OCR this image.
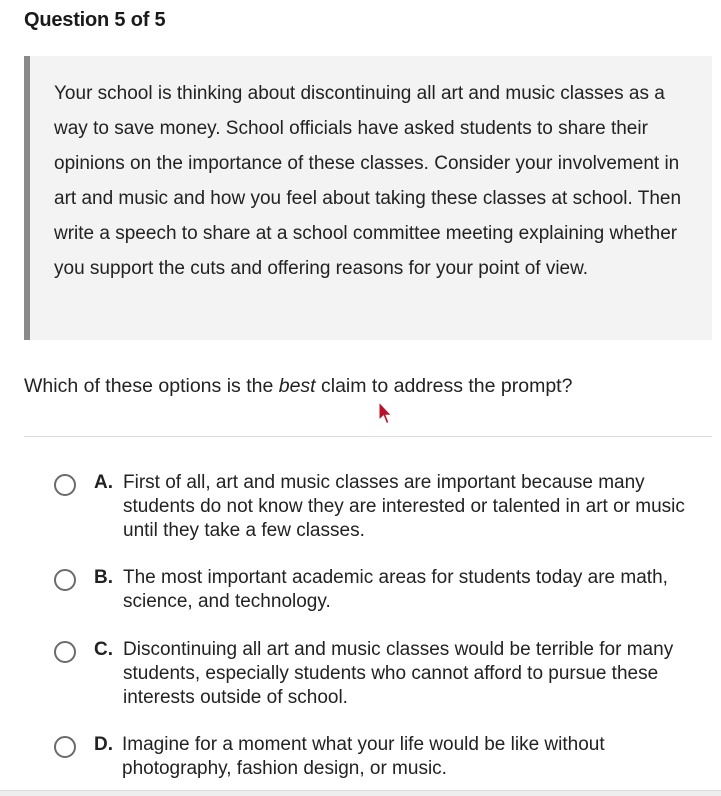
Question 5 of 5
Your school is thinking about discontinuing all art and music classes as a way to save money. School officials have asked students to share their opinions on the importance of these classes. Consider your involvement in art and music and how you feel about taking these classes at school. Then write a speech to share at a school committee meeting explaining whether you support the cuts and offering reasons for your point of view.
Which of these options is the best claim to address the prompt?
A. First of all, art and music classes are important because many students do not know they are interested or talented in art or music until they take a few classes.
B. The most important academic areas for students today are math, science, and technology.
C. Discontinuing all art and music classes would be terrible for many students, especially students who cannot afford to pursue these interests outside of school.
D. Imagine for a moment what your life would be like without photography, fashion design, or music.
